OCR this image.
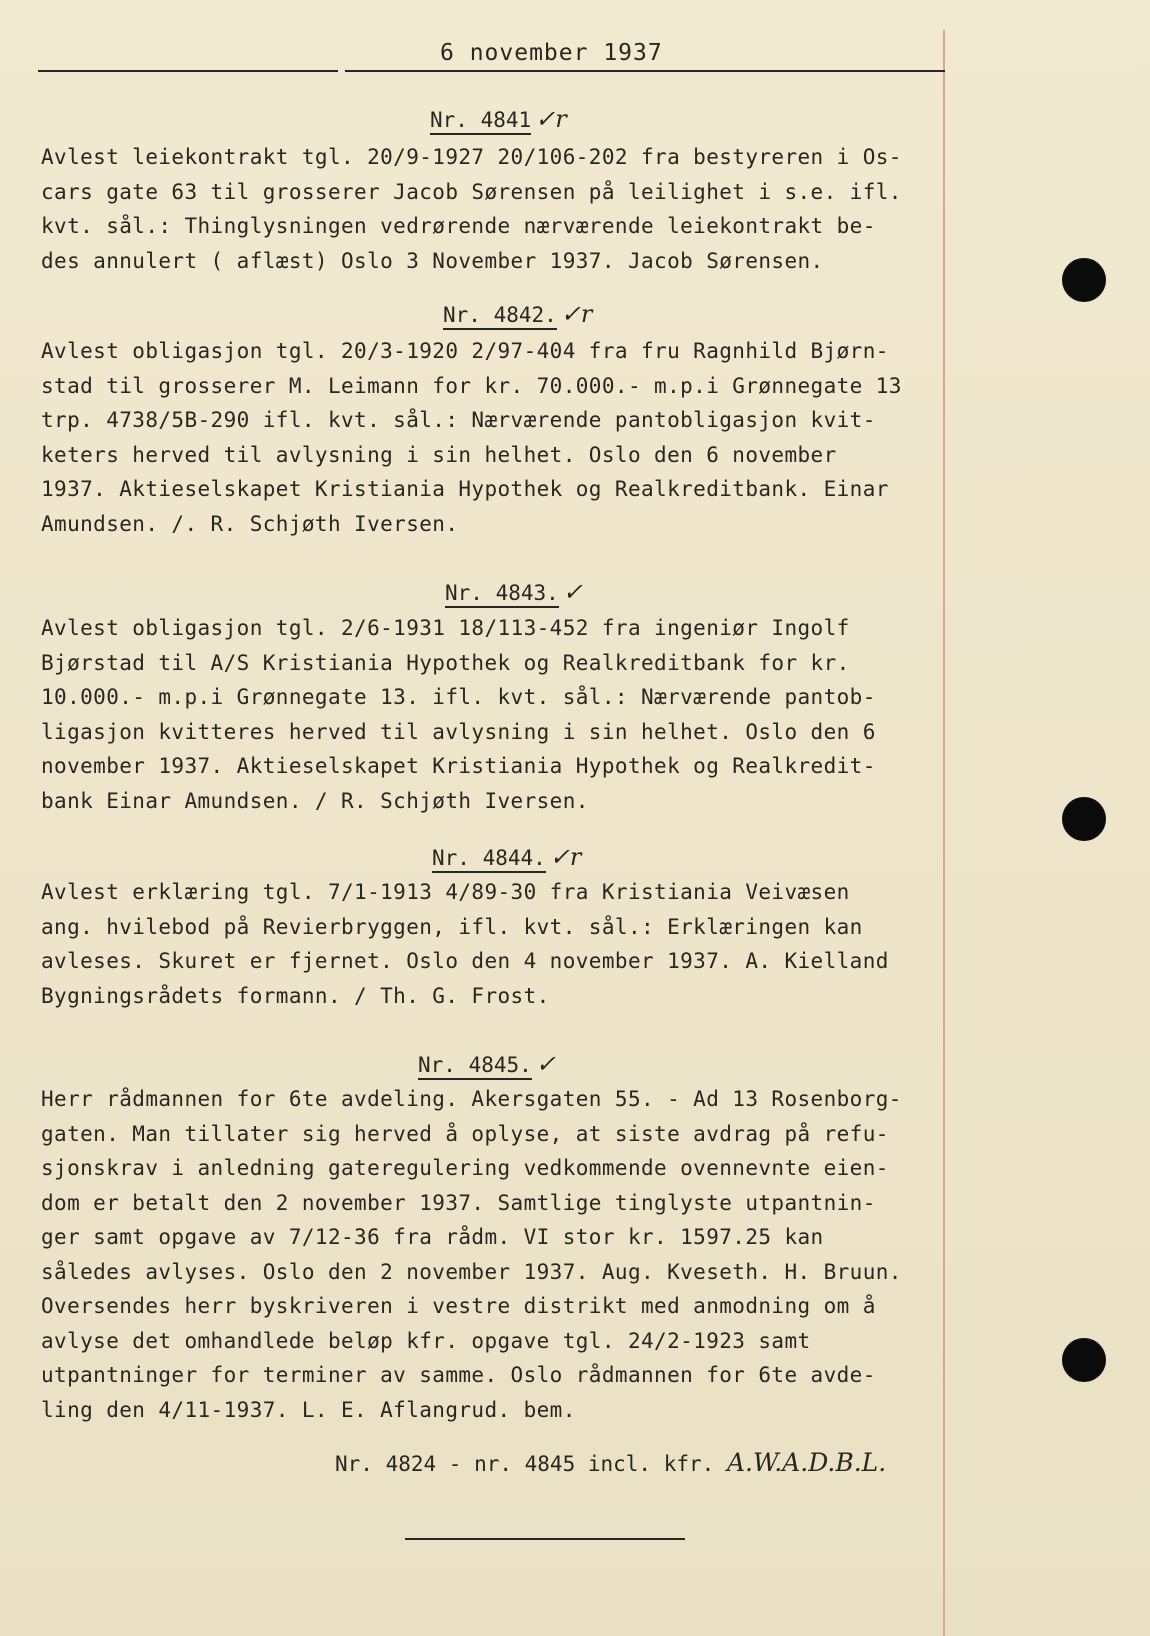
6 november 1937
Nr. 4841 ✓r
Avlest leiekontrakt tgl. 20/9-1927 20/106-202 fra bestyreren i Os-
cars gate 63 til grosserer Jacob Sørensen på leilighet i s.e. ifl.
kvt. sål.: Thinglysningen vedrørende nærværende leiekontrakt be-
des annulert ( aflæst) Oslo 3 November 1937. Jacob Sørensen.
Nr. 4842. ✓r
Avlest obligasjon tgl. 20/3-1920 2/97-404 fra fru Ragnhild Bjørn-
stad til grosserer M. Leimann for kr. 70.000.- m.p.i Grønnegate 13
trp. 4738/5B-290 ifl. kvt. sål.: Nærværende pantobligasjon kvit-
keters herved til avlysning i sin helhet. Oslo den 6 november
1937. Aktieselskapet Kristiania Hypothek og Realkreditbank. Einar
Amundsen. /. R. Schjøth Iversen.
Nr. 4843. ✓
Avlest obligasjon tgl. 2/6-1931 18/113-452 fra ingeniør Ingolf
Bjørstad til A/S Kristiania Hypothek og Realkreditbank for kr.
10.000.- m.p.i Grønnegate 13. ifl. kvt. sål.: Nærværende pantob-
ligasjon kvitteres herved til avlysning i sin helhet. Oslo den 6
november 1937. Aktieselskapet Kristiania Hypothek og Realkredit-
bank Einar Amundsen. / R. Schjøth Iversen.
Nr. 4844. ✓r
Avlest erklæring tgl. 7/1-1913 4/89-30 fra Kristiania Veivæsen
ang. hvilebod på Revierbryggen, ifl. kvt. sål.: Erklæringen kan
avleses. Skuret er fjernet. Oslo den 4 november 1937. A. Kielland
Bygningsrådets formann. / Th. G. Frost.
Nr. 4845. ✓
Herr rådmannen for 6te avdeling. Akersgaten 55. - Ad 13 Rosenborg-
gaten. Man tillater sig herved å oplyse, at siste avdrag på refu-
sjonskrav i anledning gateregulering vedkommende ovennevnte eien-
dom er betalt den 2 november 1937. Samtlige tinglyste utpantnin-
ger samt opgave av 7/12-36 fra rådm. VI stor kr. 1597.25 kan
således avlyses. Oslo den 2 november 1937. Aug. Kveseth. H. Bruun.
Oversendes herr byskriveren i vestre distrikt med anmodning om å
avlyse det omhandlede beløp kfr. opgave tgl. 24/2-1923 samt
utpantninger for terminer av samme. Oslo rådmannen for 6te avde-
ling den 4/11-1937. L. E. Aflangrud. bem.
Nr. 4824 - nr. 4845 incl. kfr. A.W.A.D.B.L.
